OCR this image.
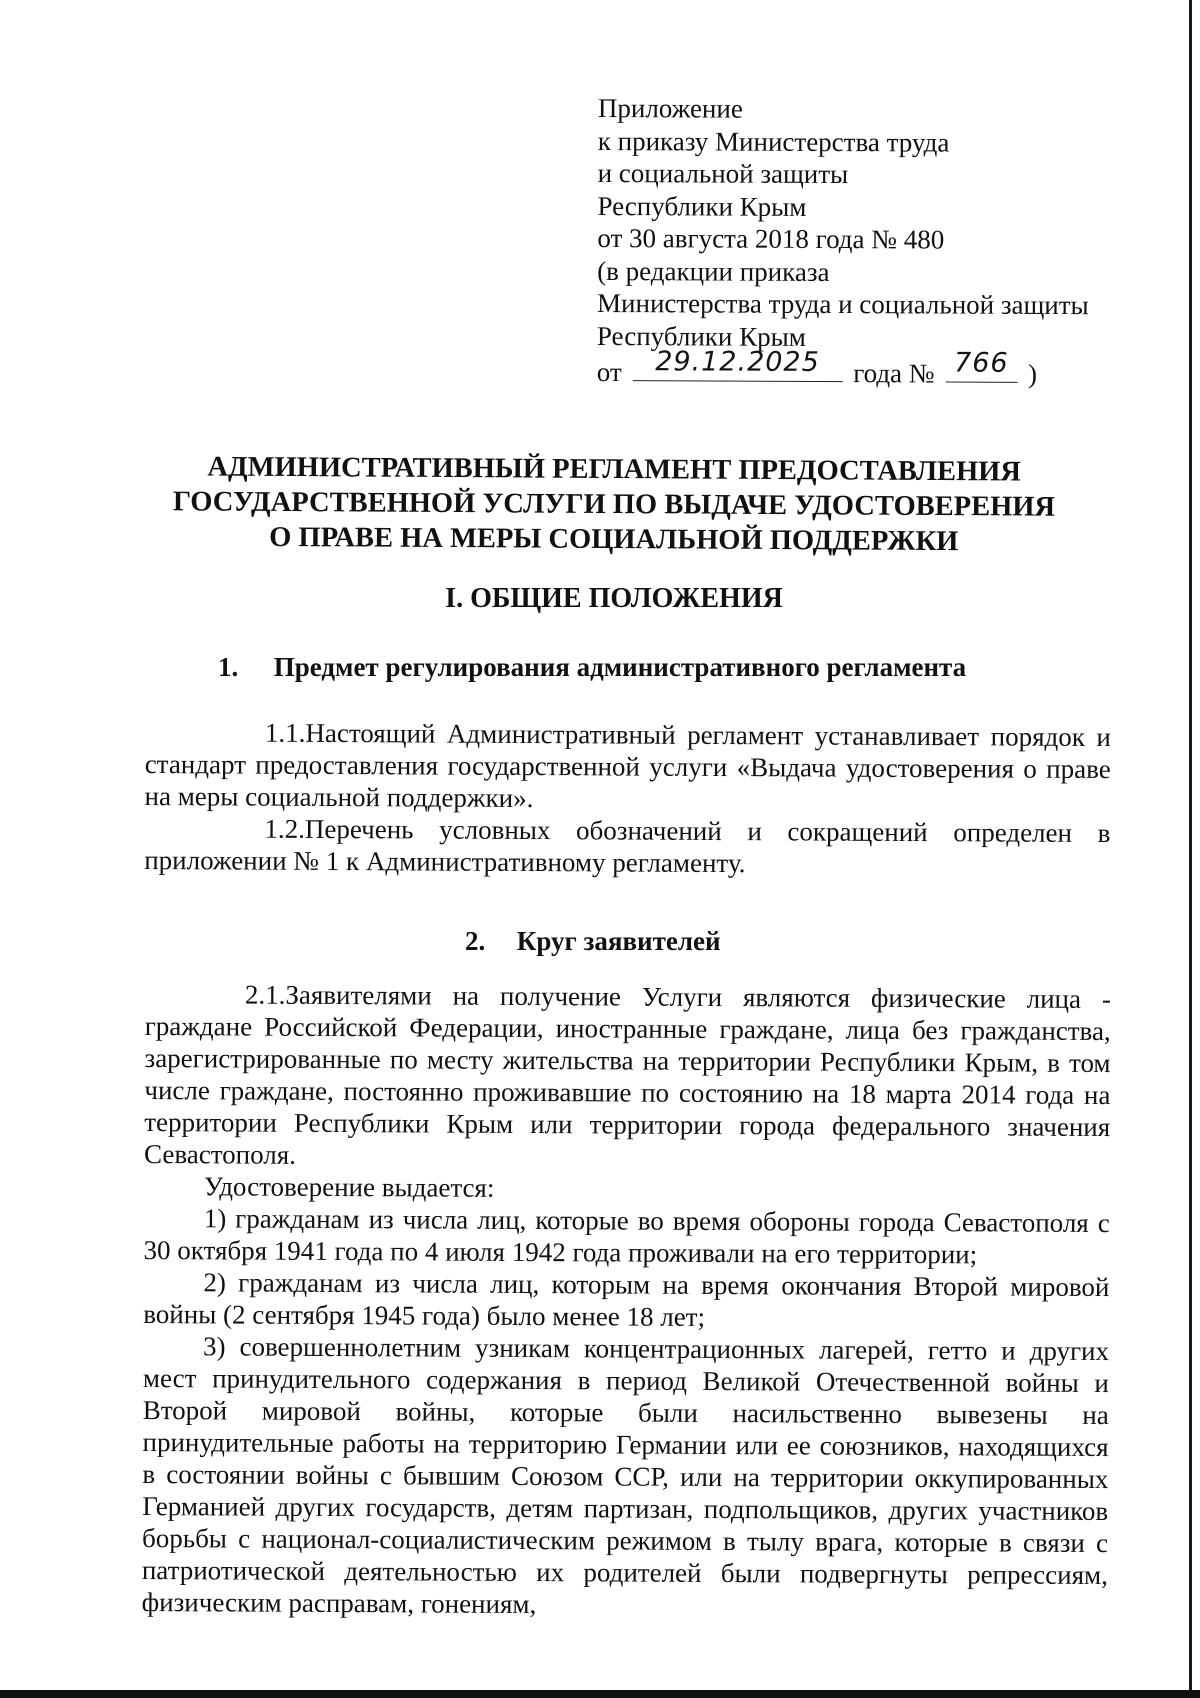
Приложение
к приказу Министерства труда
и социальной защиты
Республики Крым
от 30 августа 2018 года № 480
(в редакции приказа
Министерства труда и социальной защиты
Республики Крым
от	29.12.2025	года № 766 )
АДМИНИСТРАТИВНЫЙ РЕГЛАМЕНТ ПРЕДОСТАВЛЕНИЯ
ГОСУДАРСТВЕННОЙ УСЛУГИ ПО ВЫДАЧЕ УДОСТОВЕРЕНИЯ
О ПРАВЕ НА МЕРЫ СОЦИАЛЬНОЙ ПОДДЕРЖКИ
I. ОБЩИЕ ПОЛОЖЕНИЯ
1. Предмет регулирования административного регламента

1.1.Настоящий Административный регламент устанавливает порядок и стандарт предоставления государственной услуги «Выдача удостоверения о праве на меры социальной поддержки».

1.2.Перечень условных обозначений и сокращений определен в приложении № 1 к Административному регламенту.

2. Круг заявителей

2.1.Заявителями на получение Услуги являются физические лица - граждане Российской Федерации, иностранные граждане, лица без гражданства, зарегистрированные по месту жительства на территории Республики Крым, в том числе граждане, постоянно проживавшие по состоянию на 18 марта 2014 года на территории Республики Крым или территории города федерального значения Севастополя.

Удостоверение выдается:

1) гражданам из числа лиц, которые во время обороны города Севастополя с 30 октября 1941 года по 4 июля 1942 года проживали на его территории;

2) гражданам из числа лиц, которым на время окончания Второй мировой войны (2 сентября 1945 года) было менее 18 лет;

3) совершеннолетним узникам концентрационных лагерей, гетто и других мест принудительного содержания в период Великой Отечественной войны и Второй мировой войны, которые были насильственно вывезены на принудительные работы на территорию Германии или ее союзников, находящихся в состоянии войны с бывшим Союзом ССР, или на территории оккупированных Германией других государств, детям партизан, подпольщиков, других участников борьбы с национал-социалистическим режимом в тылу врага, которые в связи с патриотической деятельностью их родителей были подвергнуты репрессиям, физическим расправам, гонениям,
